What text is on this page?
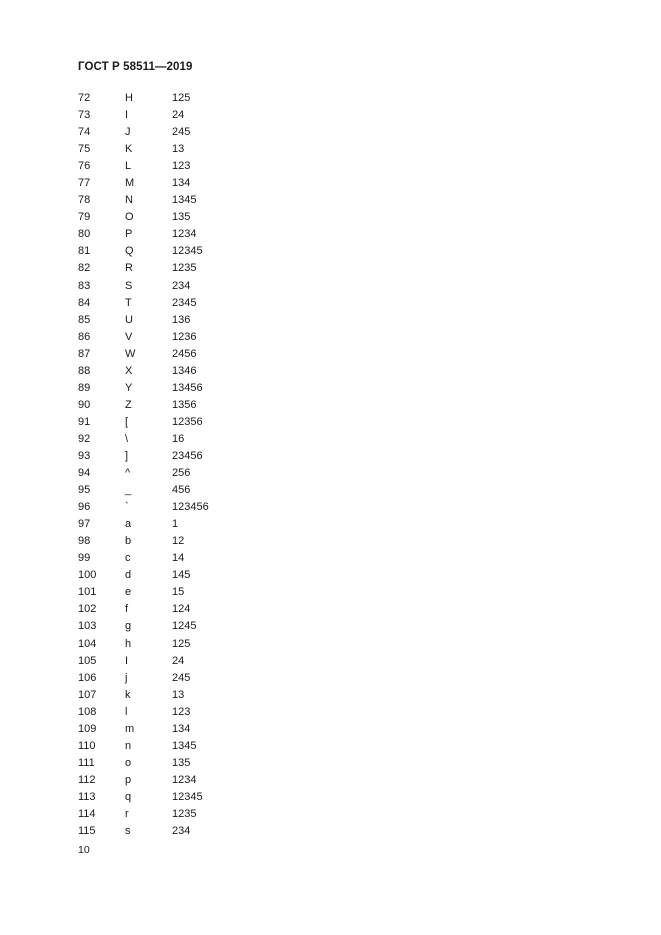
ГОСТ Р 58511—2019
72	H	125
73	I	24
74	J	245
75	K	13
76	L	123
77	M	134
78	N	1345
79	O	135
80	P	1234
81	Q	12345
82	R	1235
83	S	234
84	T	2345
85	U	136
86	V	1236
87	W	2456
88	X	1346
89	Y	13456
90	Z	1356
91	[	12356
92	\	16
93	]	23456
94	^	256
95	_	456
96	`	123456
97	a	1
98	b	12
99	c	14
100	d	145
101	e	15
102	f	124
103	g	1245
104	h	125
105	I	24
106	j	245
107	k	13
108	l	123
109	m	134
110	n	1345
111	o	135
112	p	1234
113	q	12345
114	r	1235
115	s	234

10
